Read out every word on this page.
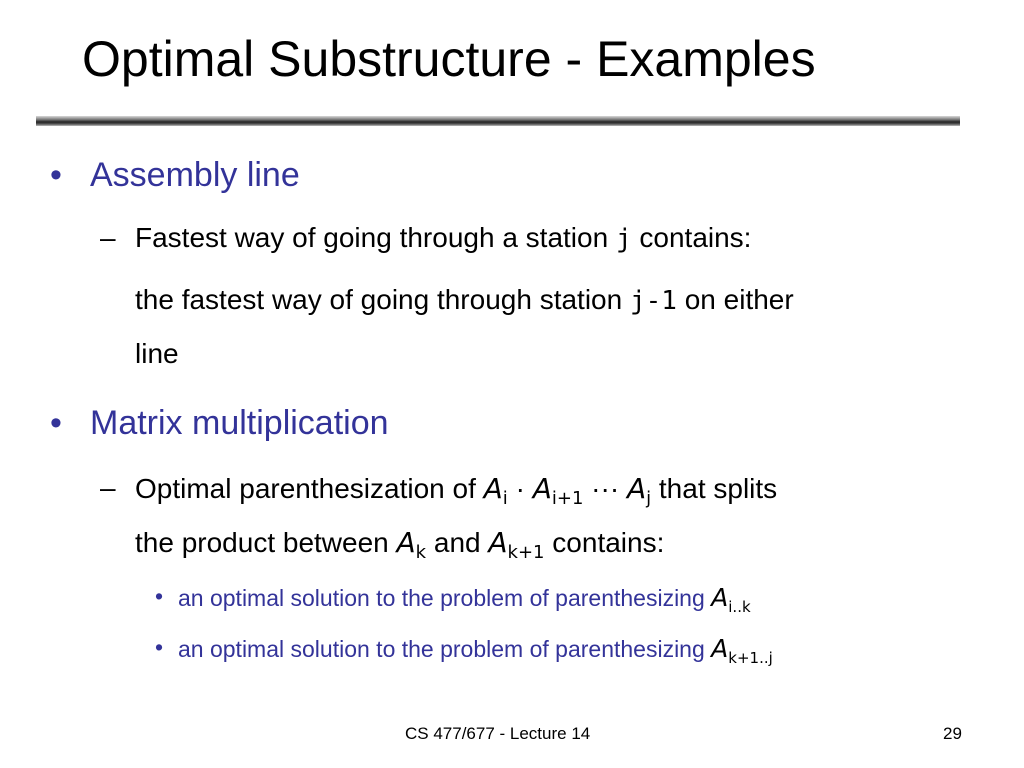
Optimal Substructure - Examples
• Assembly line
– Fastest way of going through a station j contains:
the fastest way of going through station j-1 on either
line
• Matrix multiplication
– Optimal parenthesization of $A_i \cdot A_{i+1}$ ··· $A_j$ that splits
the product between $A_k$ and $A_{k+1}$ contains:
• an optimal solution to the problem of parenthesizing $A_{i..k}$
• an optimal solution to the problem of parenthesizing $A_{k+1..j}$
CS 477/677 - Lecture 14	29
